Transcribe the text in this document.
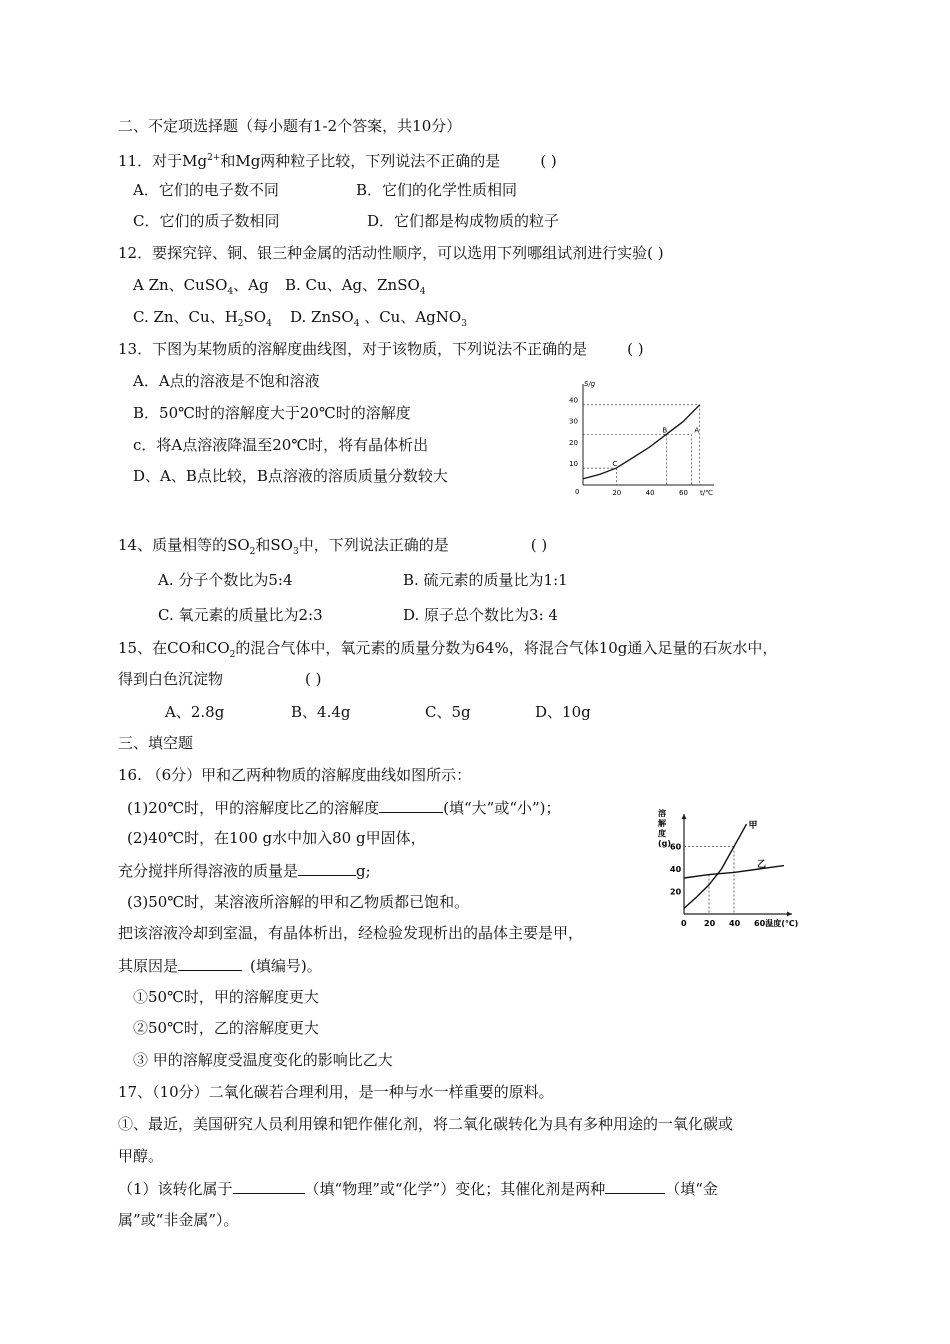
二、不定项选择题（每小题有1-2个答案，共10分）
11．对于$Mg^{2+}$和Mg两种粒子比较，下列说法不正确的是	( )
A．它们的电子数不同	B．它们的化学性质相同
C．它们的质子数相同	D．它们都是构成物质的粒子
12．要探究锌、铜、银三种金属的活动性顺序，可以选用下列哪组试剂进行实验( )
A Zn、CuSO$_4$、Ag B. Cu、Ag、ZnSO$_4$
C. Zn、Cu、$H_2SO_4$ D. ZnSO$_4$ 、Cu、AgNO$_3$
13．下图为某物质的溶解度曲线图，对于该物质，下列说法不正确的是	( )
A．A点的溶液是不饱和溶液
B．50℃时的溶解度大于20℃时的溶解度
c．将A点溶液降温至20℃时，将有晶体析出
D、A、B点比较，B点溶液的溶质质量分数较大
S/g
t/℃
0	20	40	60
10
20
30
40
C
B	A
14、质量相等的$SO_2$和$SO_3$中，下列说法正确的是	( )
A. 分子个数比为5:4	B. 硫元素的质量比为1:1
C. 氧元素的质量比为2:3	D. 原子总个数比为3: 4
15、在CO和$CO_2$的混合气体中，氧元素的质量分数为64%，将混合气体10g通入足量的石灰水中，
得到白色沉淀物	( )
A、2.8g	B、4.4g	C、5g	D、10g
三、填空题
16. （6分）甲和乙两种物质的溶解度曲线如图所示：
(1)20℃时，甲的溶解度比乙的溶解度	(填“大”或“小”)；
(2)40℃时，在100 g水中加入80 g甲固体，
充分搅拌所得溶液的质量是	g;
(3)50℃时，某溶液所溶解的甲和乙物质都已饱和。
把该溶液冷却到室温，有晶体析出，经检验发现析出的晶体主要是甲，
其原因是	(填编号)。
①50℃时，甲的溶解度更大
②50℃时，乙的溶解度更大
③ 甲的溶解度受温度变化的影响比乙大
溶
解
度
(g)
温度(℃)
0 20 40 60
20
40
60
甲
乙
17、（10分）二氧化碳若合理利用，是一种与水一样重要的原料。
①、最近，美国研究人员利用镍和钯作催化剂，将二氧化碳转化为具有多种用途的一氧化碳或
甲醇。
（1）该转化属于	（填“物理”或“化学”）变化；其催化剂是两种	（填“金
属”或“非金属”）。
